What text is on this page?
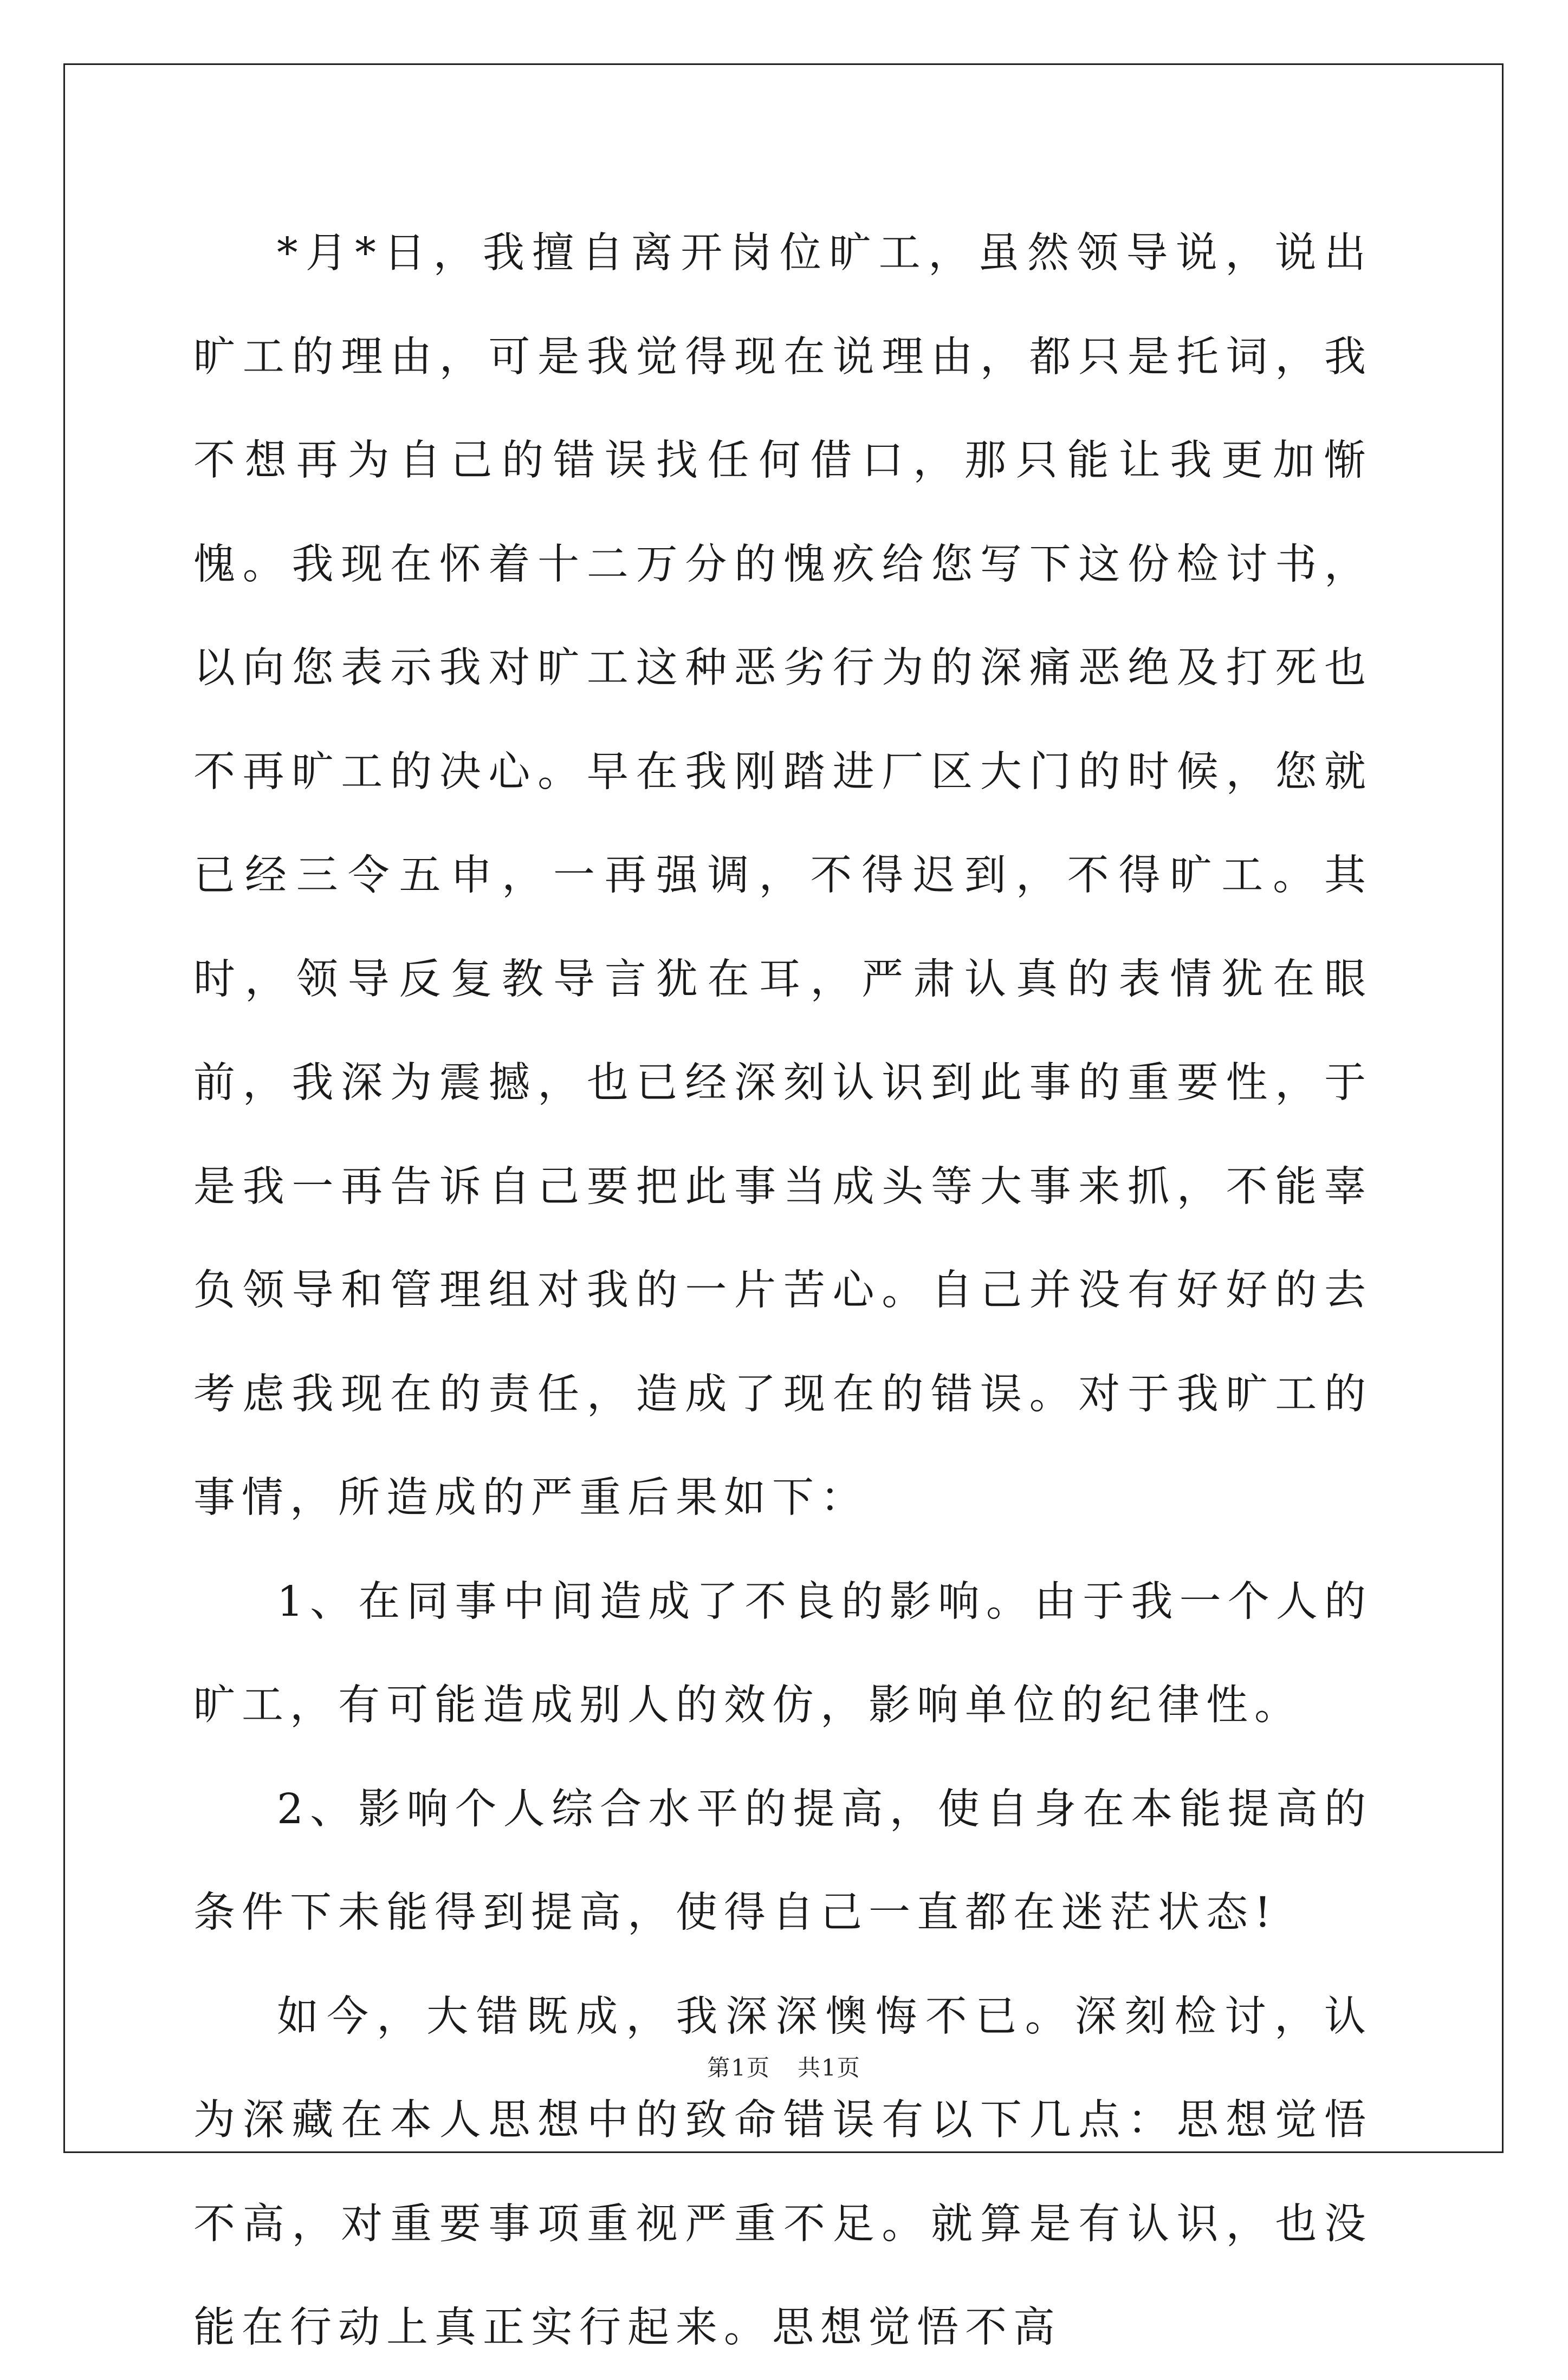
*月*日，我擅自离开岗位旷工，虽然领导说，说出旷工的理由，可是我觉得现在说理由，都只是托词，我不想再为自己的错误找任何借口，那只能让我更加惭愧。我现在怀着十二万分的愧疚给您写下这份检讨书，以向您表示我对旷工这种恶劣行为的深痛恶绝及打死也不再旷工的决心。早在我刚踏进厂区大门的时候，您就已经三令五申，一再强调，不得迟到，不得旷工。其时，领导反复教导言犹在耳，严肃认真的表情犹在眼前，我深为震撼，也已经深刻认识到此事的重要性，于是我一再告诉自己要把此事当成头等大事来抓，不能辜负领导和管理组对我的一片苦心。自己并没有好好的去考虑我现在的责任，造成了现在的错误。对于我旷工的事情，所造成的严重后果如下：

1、在同事中间造成了不良的影响。由于我一个人的旷工，有可能造成别人的效仿，影响单位的纪律性。

2、影响个人综合水平的提高，使自身在本能提高的条件下未能得到提高，使得自己一直都在迷茫状态!

如今，大错既成，我深深懊悔不已。深刻检讨，认为深藏在本人思想中的致命错误有以下几点：思想觉悟不高，对重要事项重视严重不足。就算是有认识，也没能在行动上真正实行起来。思想觉悟不高

第1页 共1页
